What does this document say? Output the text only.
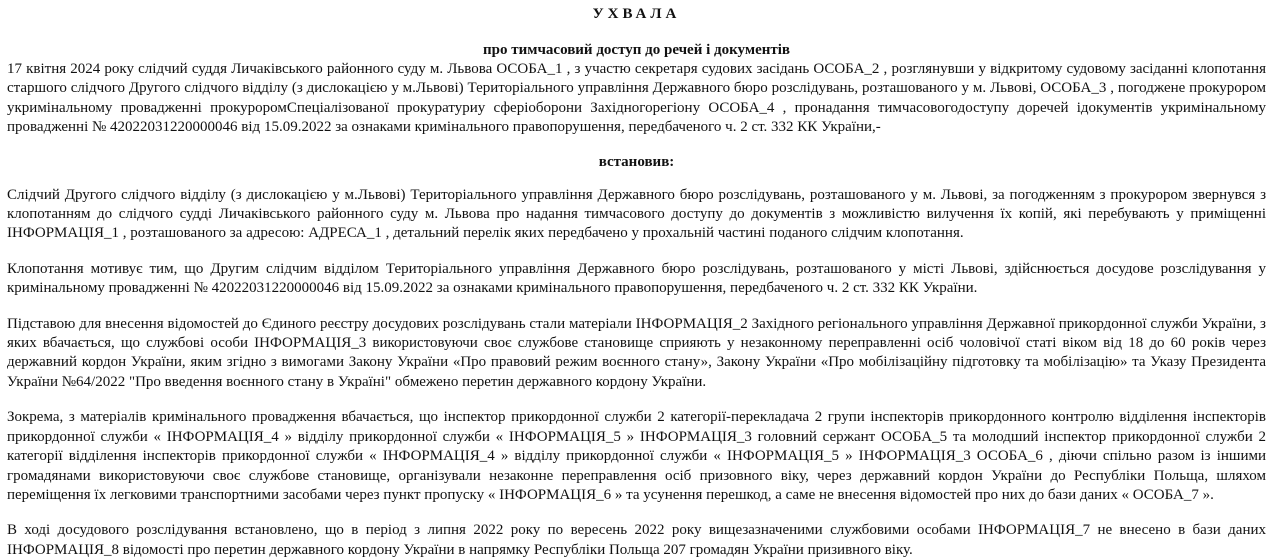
УХВАЛА
про тимчасовий доступ до речей і документів

17 квітня 2024 року слідчий суддя Личаківського районного суду м. Львова ОСОБА_1 , з участю секретаря судових засідань ОСОБА_2 , розглянувши у відкритому судовому засіданні клопотання старшого слідчого Другого слідчого відділу (з дислокацією у м.Львові) Територіального управління Державного бюро розслідувань, розташованого у м. Львові, ОСОБА_3 , погоджене прокурором укримінальному провадженні прокуроромСпеціалізованої прокуратуриу сферіоборони Західногорегіону ОСОБА_4 , пронадання тимчасовогодоступу доречей ідокументів укримінальному провадженні № 42022031220000046 від 15.09.2022 за ознаками кримінального правопорушення, передбаченого ч. 2 ст. 332 КК України,-

встановив:

Слідчий Другого слідчого відділу (з дислокацією у м.Львові) Територіального управління Державного бюро розслідувань, розташованого у м. Львові, за погодженням з прокурором звернувся з клопотанням до слідчого судді Личаківського районного суду м. Львова про надання тимчасового доступу до документів з можливістю вилучення їх копій, які перебувають у приміщенні ІНФОРМАЦІЯ_1 , розташованого за адресою: АДРЕСА_1 , детальний перелік яких передбачено у прохальній частині поданого слідчим клопотання.

Клопотання мотивує тим, що Другим слідчим відділом Територіального управління Державного бюро розслідувань, розташованого у місті Львові, здійснюється досудове розслідування у кримінальному провадженні № 42022031220000046 від 15.09.2022 за ознаками кримінального правопорушення, передбаченого ч. 2 ст. 332 КК України.

Підставою для внесення відомостей до Єдиного реєстру досудових розслідувань стали матеріали ІНФОРМАЦІЯ_2 Західного регіонального управління Державної прикордонної служби України, з яких вбачається, що службові особи ІНФОРМАЦІЯ_3 використовуючи своє службове становище сприяють у незаконному переправленні осіб чоловічої статі віком від 18 до 60 років через державний кордон України, яким згідно з вимогами Закону України «Про правовий режим воєнного стану», Закону України «Про мобілізаційну підготовку та мобілізацію» та Указу Президента України №64/2022 "Про введення воєнного стану в Україні" обмежено перетин державного кордону України.

Зокрема, з матеріалів кримінального провадження вбачається, що інспектор прикордонної служби 2 категорії-перекладача 2 групи інспекторів прикордонного контролю відділення інспекторів прикордонної служби « ІНФОРМАЦІЯ_4 » відділу прикордонної служби « ІНФОРМАЦІЯ_5 » ІНФОРМАЦІЯ_3 головний сержант ОСОБА_5 та молодший інспектор прикордонної служби 2 категорії відділення інспекторів прикордонної служби « ІНФОРМАЦІЯ_4 » відділу прикордонної служби « ІНФОРМАЦІЯ_5 » ІНФОРМАЦІЯ_3 ОСОБА_6 , діючи спільно разом із іншими громадянами використовуючи своє службове становище, організували незаконне переправлення осіб призовного віку, через державний кордон України до Республіки Польща, шляхом переміщення їх легковими транспортними засобами через пункт пропуску « ІНФОРМАЦІЯ_6 » та усунення перешкод, а саме не внесення відомостей про них до бази даних « ОСОБА_7 ».

В ході досудового розслідування встановлено, що в період з липня 2022 року по вересень 2022 року вищезазначеними службовими особами ІНФОРМАЦІЯ_7 не внесено в бази даних ІНФОРМАЦІЯ_8 відомості про перетин державного кордону України в напрямку Республіки Польща 207 громадян України призивного віку.
